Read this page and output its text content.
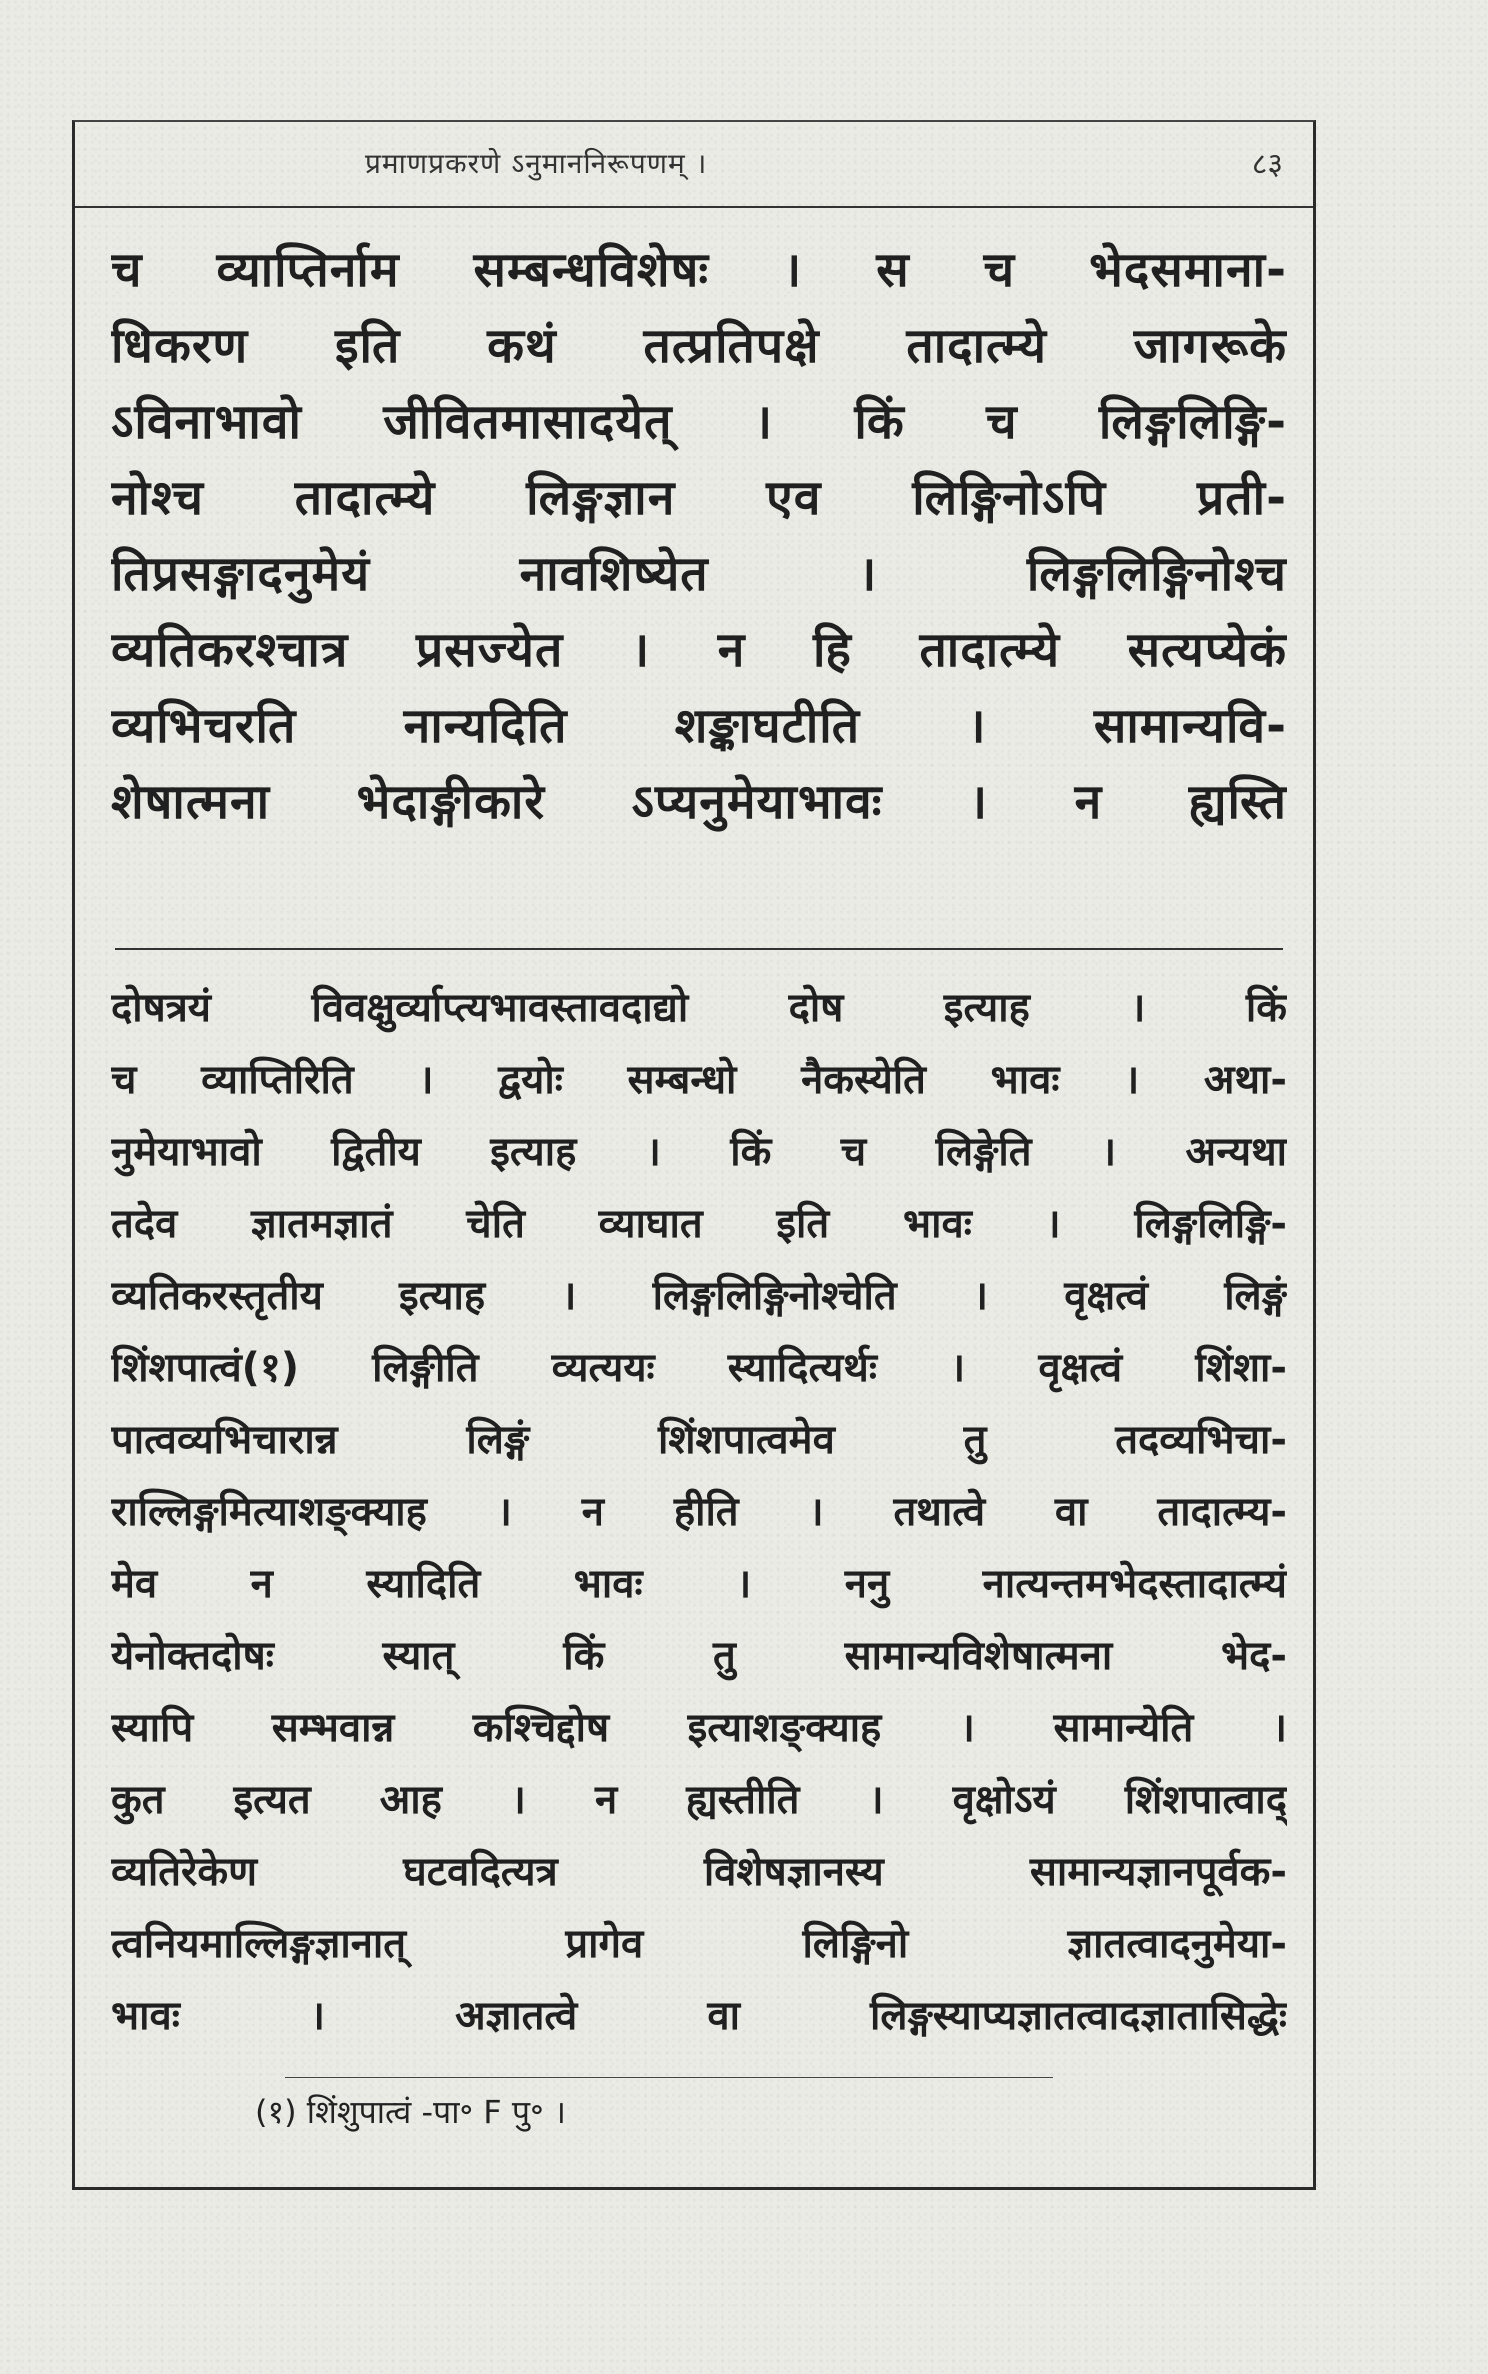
प्रमाणप्रकरणे ऽनुमाननिरूपणम् ।	८३
च व्याप्तिर्नाम सम्बन्धविशेषः । स च भेदसमाना-
धिकरण इति कथं तत्प्रतिपक्षे तादात्म्ये जागरूके
ऽविनाभावो जीवितमासादयेत् । किं च लिङ्गलिङ्गि-
नोश्च तादात्म्ये लिङ्गज्ञान एव लिङ्गिनोऽपि प्रती-
तिप्रसङ्गादनुमेयं नावशिष्येत । लिङ्गलिङ्गिनोश्च
व्यतिकरश्चात्र प्रसज्येत । न हि तादात्म्ये सत्यप्येकं
व्यभिचरति नान्यदिति शङ्काघटीति । सामान्यवि-
शेषात्मना भेदाङ्गीकारे ऽप्यनुमेयाभावः । न ह्यस्ति
दोषत्रयं विवक्षुर्व्याप्त्यभावस्तावदाद्यो दोष इत्याह । किं
च व्याप्तिरिति । द्वयोः सम्बन्धो नैकस्येति भावः । अथा-
नुमेयाभावो द्वितीय इत्याह । किं च लिङ्गेति । अन्यथा
तदेव ज्ञातमज्ञातं चेति व्याघात इति भावः । लिङ्गलिङ्गि-
व्यतिकरस्तृतीय इत्याह । लिङ्गलिङ्गिनोश्चेति । वृक्षत्वं लिङ्गं
शिंशपात्वं(१) लिङ्गीति व्यत्ययः स्यादित्यर्थः । वृक्षत्वं शिंशा-
पात्वव्यभिचारान्न लिङ्गं शिंशपात्वमेव तु तदव्यभिचा-
राल्लिङ्गमित्याशङ्क्याह । न हीति । तथात्वे वा तादात्म्य-
मेव न स्यादिति भावः । ननु नात्यन्तमभेदस्तादात्म्यं
येनोक्तदोषः स्यात् किं तु सामान्यविशेषात्मना भेद-
स्यापि सम्भवान्न कश्चिद्दोष इत्याशङ्क्याह । सामान्येति ।
कुत इत्यत आह । न ह्यस्तीति । वृक्षोऽयं शिंशपात्वाद्
व्यतिरेकेण घटवदित्यत्र विशेषज्ञानस्य सामान्यज्ञानपूर्वक-
त्वनियमाल्लिङ्गज्ञानात् प्रागेव लिङ्गिनो ज्ञातत्वादनुमेया-
भावः । अज्ञातत्वे वा लिङ्गस्याप्यज्ञातत्वादज्ञातासिद्धेः
(१) शिंशुपात्वं -पा॰ F पु॰ ।
